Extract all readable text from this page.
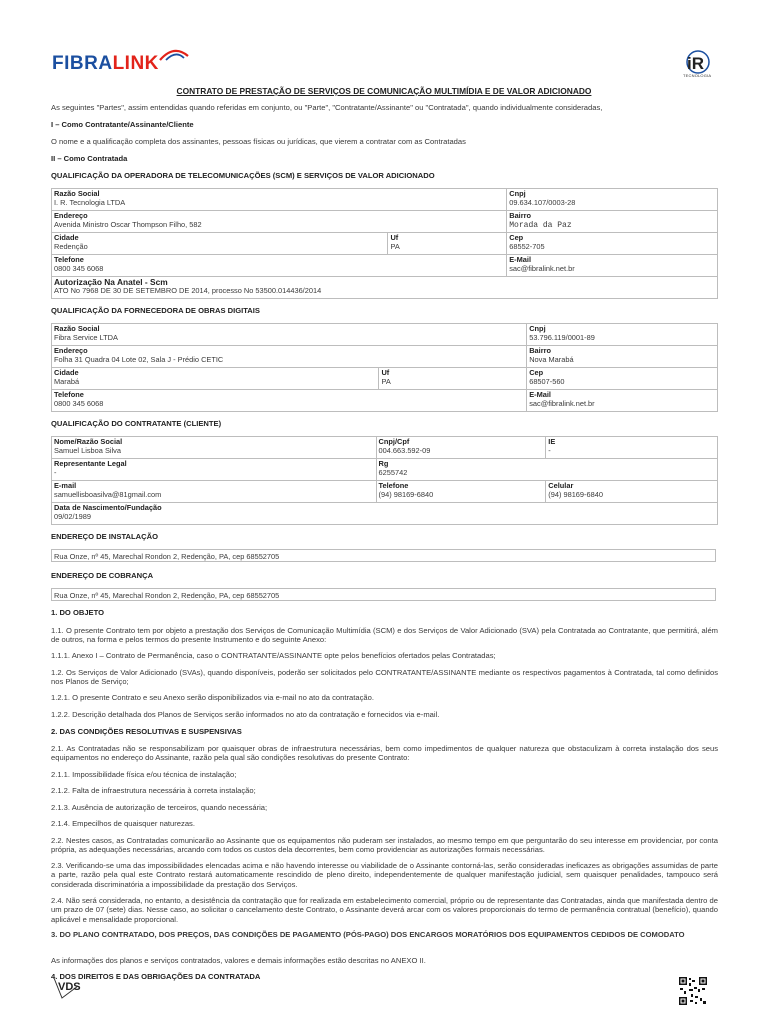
FIBRA LINK	iR
TECNOLOGIA
CONTRATO DE PRESTAÇÃO DE SERVIÇOS DE COMUNICAÇÃO MULTIMÍDIA E DE VALOR ADICIONADO
As seguintes "Partes", assim entendidas quando referidas em conjunto, ou "Parte", "Contratante/Assinante" ou "Contratada", quando individualmente consideradas,
I – Como Contratante/Assinante/Cliente
O nome e a qualificação completa dos assinantes, pessoas físicas ou jurídicas, que vierem a contratar com as Contratadas
II – Como Contratada
QUALIFICAÇÃO DA OPERADORA DE TELECOMUNICAÇÕES (SCM) E SERVIÇOS DE VALOR ADICIONADO
Razão Social
I. R. Tecnologia LTDA		Cnpj
09.634.107/0003-28

Endereço
Avenida Ministro Oscar Thompson Filho, 582		Bairro
Morada da Paz

Cidade
Redenção	Uf
PA	Cep
68552-705

Telefone
0800 345 6068		E-Mail
sac@fibralink.net.br

Autorização Na Anatel - Scm
ATO No 7968 DE 30 DE SETEMBRO DE 2014, processo No 53500.014436/2014		
QUALIFICAÇÃO DA FORNECEDORA DE OBRAS DIGITAIS
Razão Social
Fibra Service LTDA		Cnpj
53.796.119/0001-89

Endereço
Folha 31 Quadra 04 Lote 02, Sala J - Prédio CETIC		Bairro
Nova Marabá

Cidade
Marabá	Uf
PA	Cep
68507-560

Telefone
0800 345 6068		E-Mail
sac@fibralink.net.br
QUALIFICAÇÃO DO CONTRATANTE (CLIENTE)
Nome/Razão Social
Samuel Lisboa Silva	Cnpj/Cpf
004.663.592-09	IE
-

Representante Legal
-	Rg
6255742	

E-mail
samuellisboasilva@81gmail.com	Telefone
(94) 98169-6840	Celular
(94) 98169-6840

Data de Nascimento/Fundação
09/02/1989		
ENDEREÇO DE INSTALAÇÃO
Rua Onze, nº 45, Marechal Rondon 2, Redenção, PA, cep 68552705
ENDEREÇO DE COBRANÇA
Rua Onze, nº 45, Marechal Rondon 2, Redenção, PA, cep 68552705
1. DO OBJETO
1.1. O presente Contrato tem por objeto a prestação dos Serviços de Comunicação Multimídia (SCM) e dos Serviços de Valor Adicionado (SVA) pela Contratada ao Contratante, que permitirá, além de outros, na forma e pelos termos do presente Instrumento e do seguinte Anexo:
1.1.1. Anexo I – Contrato de Permanência, caso o CONTRATANTE/ASSINANTE opte pelos benefícios ofertados pelas Contratadas;
1.2. Os Serviços de Valor Adicionado (SVAs), quando disponíveis, poderão ser solicitados pelo CONTRATANTE/ASSINANTE mediante os respectivos pagamentos à Contratada, tal como definidos nos Planos de Serviço;
1.2.1. O presente Contrato e seu Anexo serão disponibilizados via e-mail no ato da contratação.
1.2.2. Descrição detalhada dos Planos de Serviços serão informados no ato da contratação e fornecidos via e-mail.
2. DAS CONDIÇÕES RESOLUTIVAS E SUSPENSIVAS
2.1. As Contratadas não se responsabilizam por quaisquer obras de infraestrutura necessárias, bem como impedimentos de qualquer natureza que obstaculizam à correta instalação dos seus equipamentos no endereço do Assinante, razão pela qual são condições resolutivas do presente Contrato:
2.1.1. Impossibilidade física e/ou técnica de instalação;
2.1.2. Falta de infraestrutura necessária à correta instalação;
2.1.3. Ausência de autorização de terceiros, quando necessária;
2.1.4. Empecilhos de quaisquer naturezas.
2.2. Nestes casos, as Contratadas comunicarão ao Assinante que os equipamentos não puderam ser instalados, ao mesmo tempo em que perguntarão do seu interesse em providenciar, por conta própria, as adequações necessárias, arcando com todos os custos dela decorrentes, bem como providenciar as autorizações formais necessárias.
2.3. Verificando-se uma das impossibilidades elencadas acima e não havendo interesse ou viabilidade de o Assinante contorná-las, serão consideradas ineficazes as obrigações assumidas de parte a parte, razão pela qual este Contrato restará automaticamente rescindido de pleno direito, independentemente de qualquer manifestação judicial, sem quaisquer penalidades, tampouco será considerada discriminatória a impossibilidade da prestação dos Serviços.
2.4. Não será considerada, no entanto, a desistência da contratação que for realizada em estabelecimento comercial, próprio ou de representante das Contratadas, ainda que manifestada dentro de um prazo de 07 (sete) dias. Nesse caso, ao solicitar o cancelamento deste Contrato, o Assinante deverá arcar com os valores proporcionais do termo de permanência contratual (benefício), quando aplicável e mensalidade proporcional.
3. DO PLANO CONTRATADO, DOS PREÇOS, DAS CONDIÇÕES DE PAGAMENTO (PÓS-PAGO) DOS ENCARGOS MORATÓRIOS DOS EQUIPAMENTOS CEDIDOS DE COMODATO
As informações dos planos e serviços contratados, valores e demais informações estão descritas no ANEXO II.
4. DOS DIREITOS E DAS OBRIGAÇÕES DA CONTRATADA
VDS
